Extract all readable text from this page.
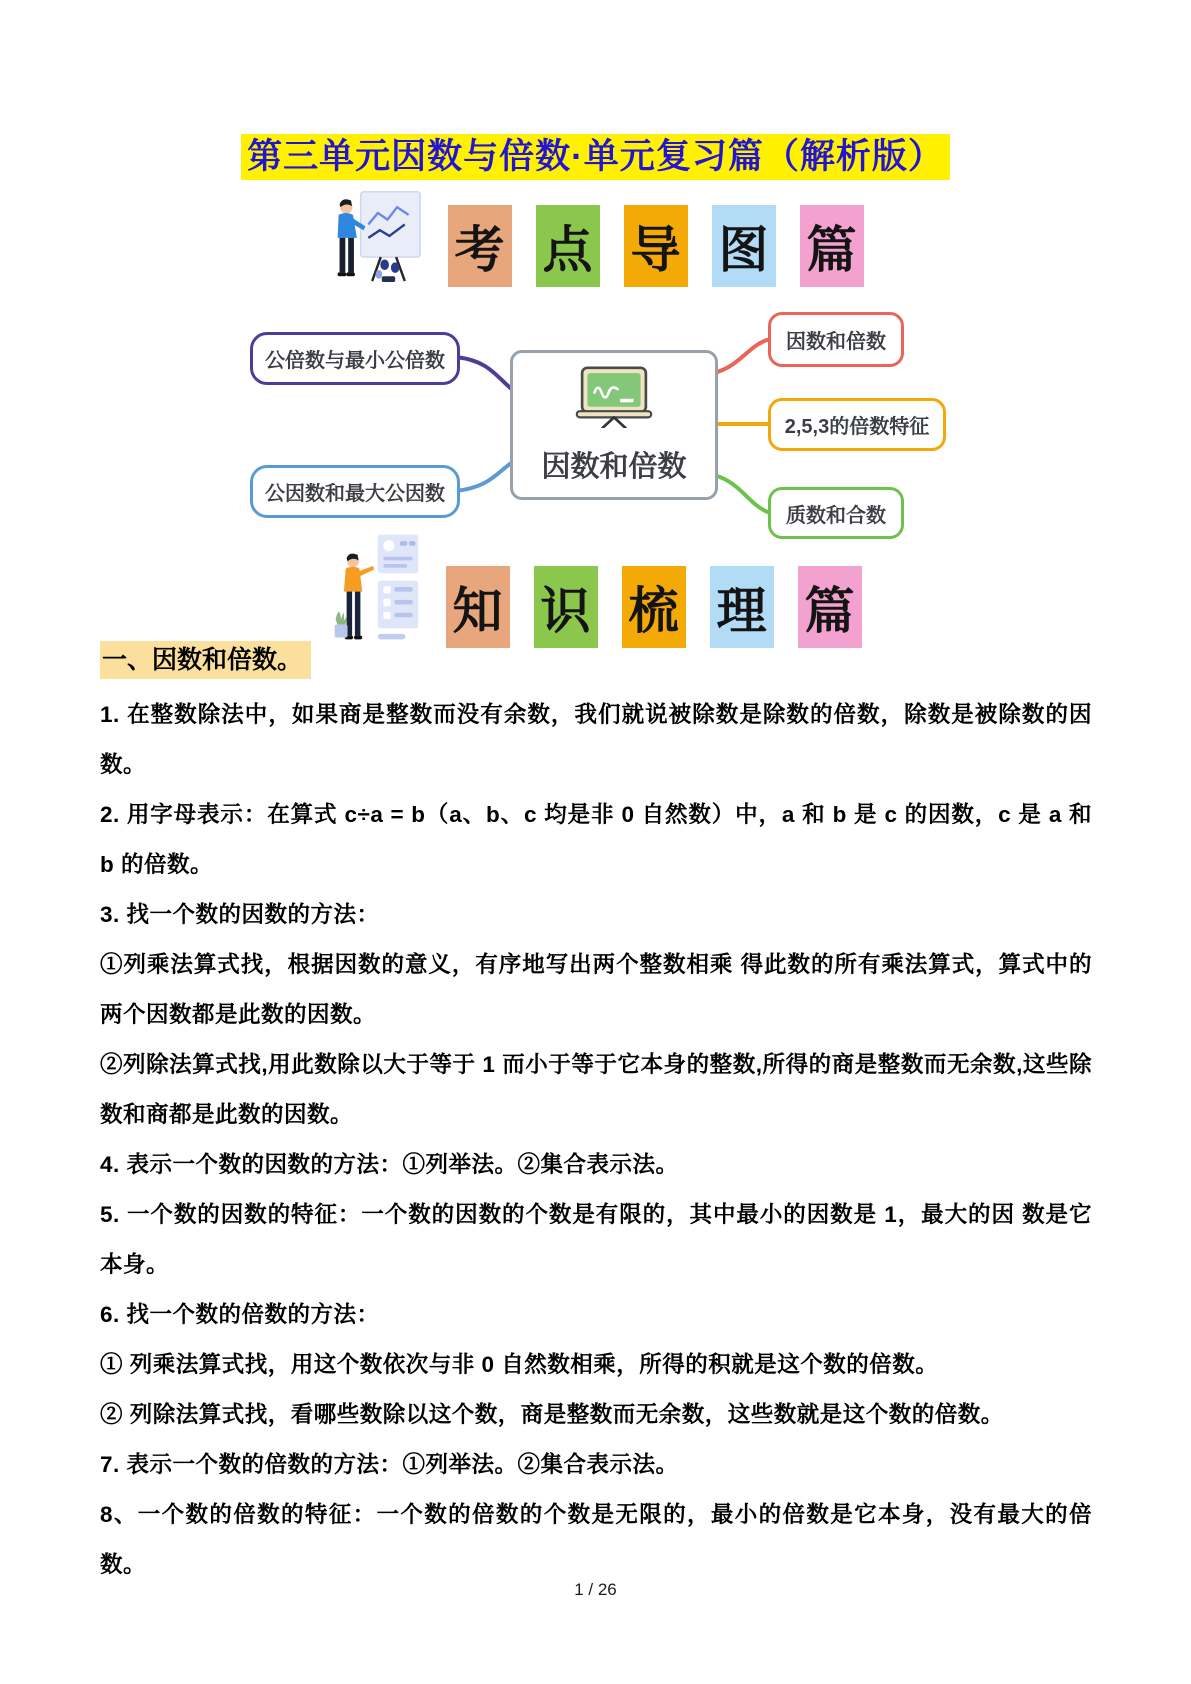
第三单元因数与倍数·单元复习篇（解析版）
考 点 导 图 篇
公倍数与最小公倍数
公因数和最大公因数
因数和倍数
因数和倍数
2,5,3的倍数特征
质数和合数
知 识 梳 理 篇
一、因数和倍数。

1. 在整数除法中，如果商是整数而没有余数，我们就说被除数是除数的倍数，除数是被除数的因数。

2. 用字母表示：在算式 c÷a = b（a、b、c 均是非 0 自然数）中，a 和 b 是 c 的因数，c 是 a 和 b 的倍数。

3. 找一个数的因数的方法：

①列乘法算式找，根据因数的意义，有序地写出两个整数相乘 得此数的所有乘法算式，算式中的两个因数都是此数的因数。

②列除法算式找,用此数除以大于等于 1 而小于等于它本身的整数,所得的商是整数而无余数,这些除数和商都是此数的因数。

4. 表示一个数的因数的方法：①列举法。②集合表示法。

5. 一个数的因数的特征：一个数的因数的个数是有限的，其中最小的因数是 1，最大的因 数是它本身。

6. 找一个数的倍数的方法：

① 列乘法算式找，用这个数依次与非 0 自然数相乘，所得的积就是这个数的倍数。

② 列除法算式找，看哪些数除以这个数，商是整数而无余数，这些数就是这个数的倍数。

7. 表示一个数的倍数的方法：①列举法。②集合表示法。

8、一个数的倍数的特征：一个数的倍数的个数是无限的，最小的倍数是它本身，没有最大的倍数。

1 / 26
